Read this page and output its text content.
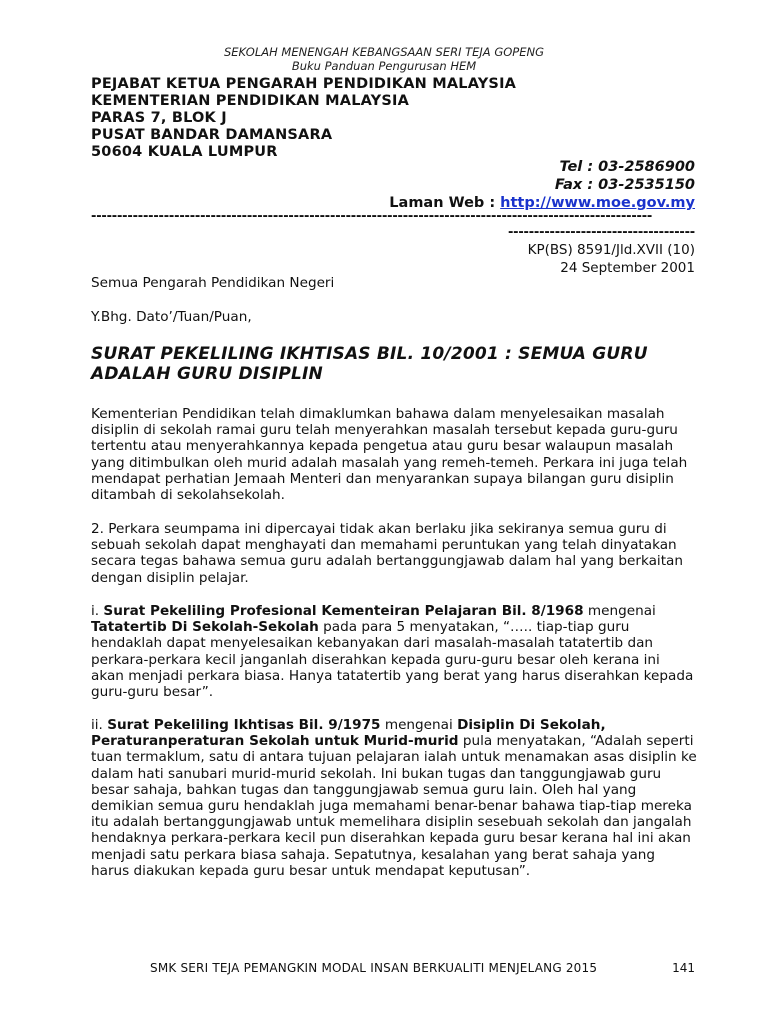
SEKOLAH MENENGAH KEBANGSAAN SERI TEJA GOPENG
Buku Panduan Pengurusan HEM
PEJABAT KETUA PENGARAH PENDIDIKAN MALAYSIA
KEMENTERIAN PENDIDIKAN MALAYSIA
PARAS 7, BLOK J
PUSAT BANDAR DAMANSARA
50604 KUALA LUMPUR
Tel : 03-2586900
Fax : 03-2535150
Laman Web : http://www.moe.gov.my
------------------------------------------------------------------------------------------------------------
------------------------------------
KP(BS) 8591/Jld.XVII (10)
24 September 2001
Semua Pengarah Pendidikan Negeri
Y.Bhg. Dato’/Tuan/Puan,
SURAT PEKELILING IKHTISAS BIL. 10/2001 : SEMUA GURU ADALAH GURU DISIPLIN
Kementerian Pendidikan telah dimaklumkan bahawa dalam menyelesaikan masalah disiplin di sekolah ramai guru telah menyerahkan masalah tersebut kepada guru-guru tertentu atau menyerahkannya kepada pengetua atau guru besar walaupun masalah yang ditimbulkan oleh murid adalah masalah yang remeh-temeh. Perkara ini juga telah mendapat perhatian Jemaah Menteri dan menyarankan supaya bilangan guru disiplin ditambah di sekolahsekolah.
2. Perkara seumpama ini dipercayai tidak akan berlaku jika sekiranya semua guru di sebuah sekolah dapat menghayati dan memahami peruntukan yang telah dinyatakan secara tegas bahawa semua guru adalah bertanggungjawab dalam hal yang berkaitan dengan disiplin pelajar.
i. Surat Pekeliling Profesional Kementeiran Pelajaran Bil. 8/1968 mengenai Tatatertib Di Sekolah-Sekolah pada para 5 menyatakan, “….. tiap-tiap guru hendaklah dapat menyelesaikan kebanyakan dari masalah-masalah tatatertib dan perkara-perkara kecil janganlah diserahkan kepada guru-guru besar oleh kerana ini akan menjadi perkara biasa. Hanya tatatertib yang berat yang harus diserahkan kepada guru-guru besar”.
ii. Surat Pekeliling Ikhtisas Bil. 9/1975 mengenai Disiplin Di Sekolah, Peraturanperaturan Sekolah untuk Murid-murid pula menyatakan, “Adalah seperti tuan termaklum, satu di antara tujuan pelajaran ialah untuk menamakan asas disiplin ke dalam hati sanubari murid-murid sekolah. Ini bukan tugas dan tanggungjawab guru besar sahaja, bahkan tugas dan tanggungjawab semua guru lain. Oleh hal yang
demikian semua guru hendaklah juga memahami benar-benar bahawa tiap-tiap mereka itu adalah bertanggungjawab untuk memelihara disiplin sesebuah sekolah dan jangalah hendaknya perkara-perkara kecil pun diserahkan kepada guru besar kerana hal ini akan menjadi satu perkara biasa sahaja. Sepatutnya, kesalahan yang berat sahaja yang harus diakukan kepada guru besar untuk mendapat keputusan”.
SMK SERI TEJA PEMANGKIN MODAL INSAN BERKUALITI MENJELANG 2015	141
